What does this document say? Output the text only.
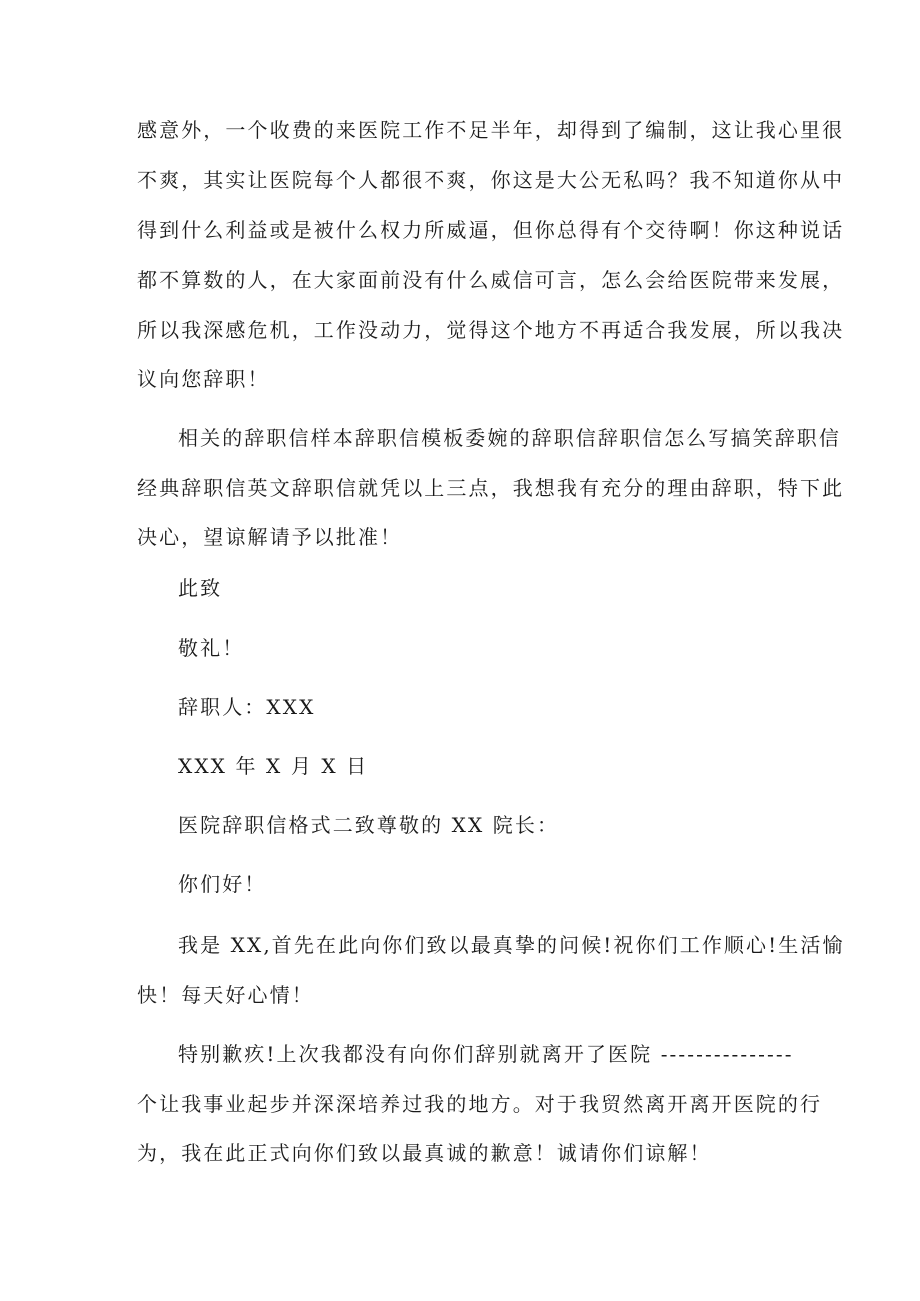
感意外，一个收费的来医院工作不足半年，却得到了编制，这让我心里很
不爽，其实让医院每个人都很不爽，你这是大公无私吗？我不知道你从中
得到什么利益或是被什么权力所威逼，但你总得有个交待啊！你这种说话
都不算数的人，在大家面前没有什么威信可言，怎么会给医院带来发展，
所以我深感危机，工作没动力，觉得这个地方不再适合我发展，所以我决
议向您辞职！
相关的辞职信样本辞职信模板委婉的辞职信辞职信怎么写搞笑辞职信
经典辞职信英文辞职信就凭以上三点，我想我有充分的理由辞职，特下此
决心，望谅解请予以批准！
此致
敬礼！
辞职人：XXX
XXX 年 X 月 X 日
医院辞职信格式二致尊敬的 XX 院长：
你们好！
我是 XX,首先在此向你们致以最真挚的问候!祝你们工作顺心!生活愉
快！每天好心情！
特别歉疚!上次我都没有向你们辞别就离开了医院 ---------------
个让我事业起步并深深培养过我的地方。对于我贸然离开离开医院的行
为，我在此正式向你们致以最真诚的歉意！诚请你们谅解！
